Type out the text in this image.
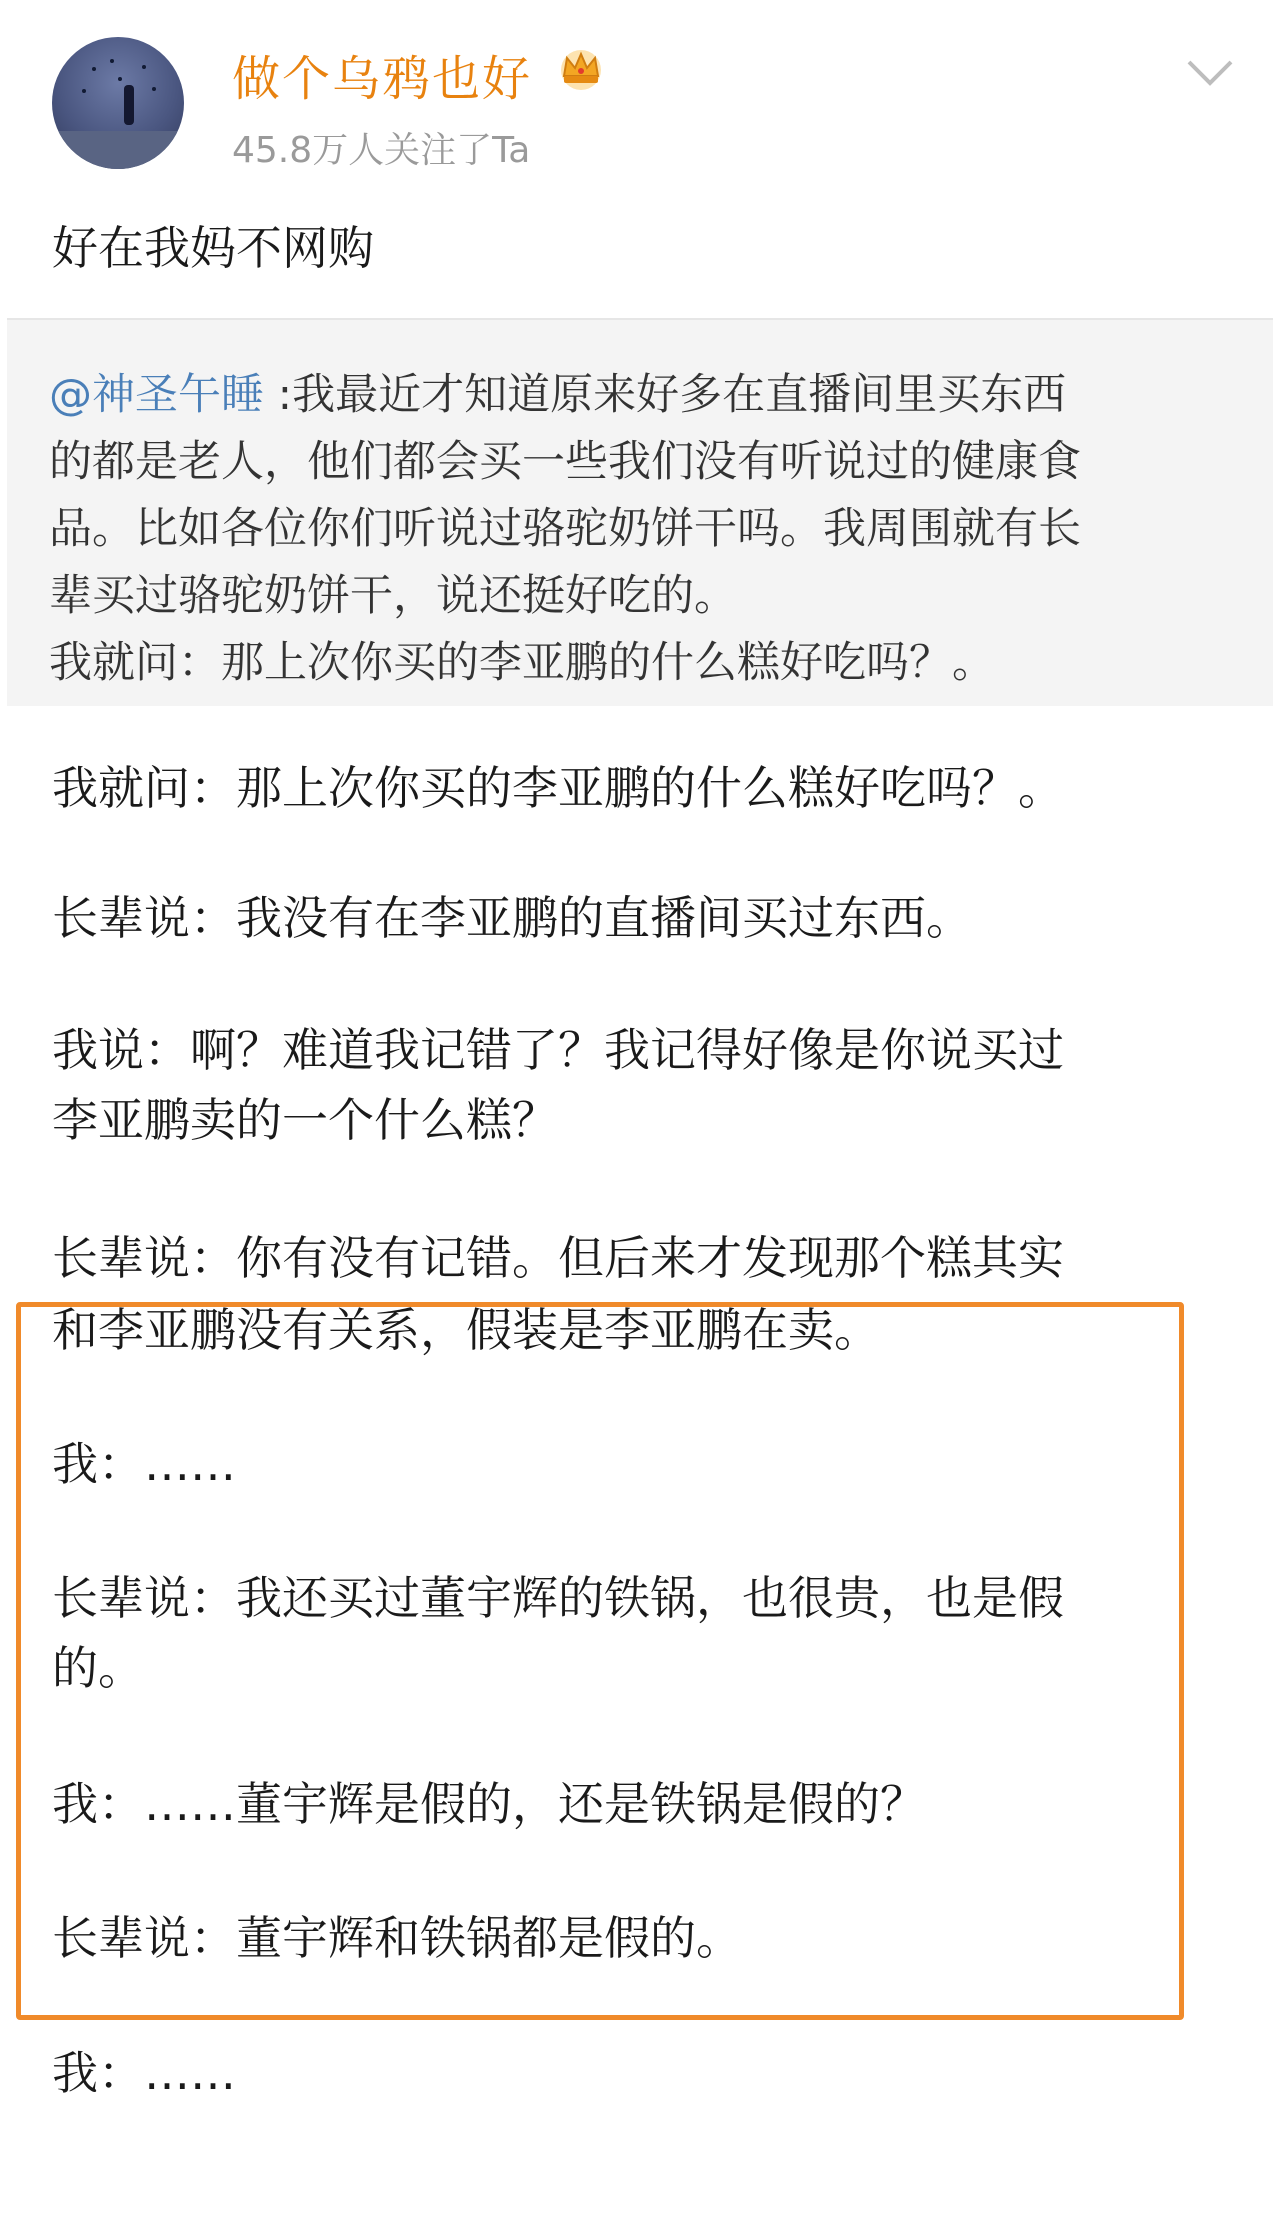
做个乌鸦也好
45.8万人关注了Ta
好在我妈不网购

@神圣午睡 :我最近才知道原来好多在直播间里买东西

的都是老人，他们都会买一些我们没有听说过的健康食

品。比如各位你们听说过骆驼奶饼干吗。我周围就有长

辈买过骆驼奶饼干，说还挺好吃的。

我就问：那上次你买的李亚鹏的什么糕好吃吗？。

我就问：那上次你买的李亚鹏的什么糕好吃吗？。
长辈说：我没有在李亚鹏的直播间买过东西。
我说：啊？难道我记错了？我记得好像是你说买过
李亚鹏卖的一个什么糕？
长辈说：你有没有记错。但后来才发现那个糕其实
和李亚鹏没有关系，假装是李亚鹏在卖。
我：……
长辈说：我还买过董宇辉的铁锅，也很贵，也是假
的。
我：……董宇辉是假的，还是铁锅是假的？
长辈说：董宇辉和铁锅都是假的。
我：……
